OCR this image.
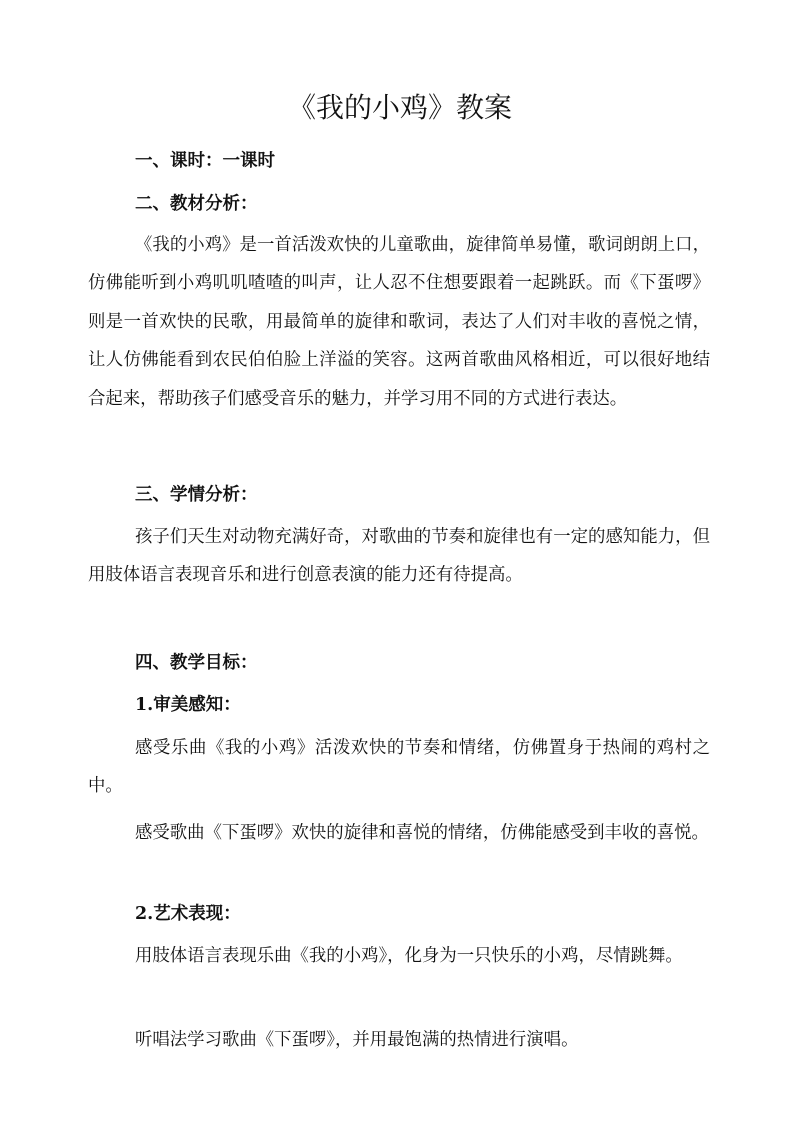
《我的小鸡》教案
一、课时：一课时
二、教材分析：

《我的小鸡》是一首活泼欢快的儿童歌曲，旋律简单易懂，歌词朗朗上口，仿佛能听到小鸡叽叽喳喳的叫声，让人忍不住想要跟着一起跳跃。而《下蛋啰》则是一首欢快的民歌，用最简单的旋律和歌词，表达了人们对丰收的喜悦之情，让人仿佛能看到农民伯伯脸上洋溢的笑容。这两首歌曲风格相近，可以很好地结合起来，帮助孩子们感受音乐的魅力，并学习用不同的方式进行表达。

三、学情分析：

孩子们天生对动物充满好奇，对歌曲的节奏和旋律也有一定的感知能力，但用肢体语言表现音乐和进行创意表演的能力还有待提高。

四、教学目标：
1.审美感知：

感受乐曲《我的小鸡》活泼欢快的节奏和情绪，仿佛置身于热闹的鸡村之中。

感受歌曲《下蛋啰》欢快的旋律和喜悦的情绪，仿佛能感受到丰收的喜悦。

2.艺术表现：

用肢体语言表现乐曲《我的小鸡》，化身为一只快乐的小鸡，尽情跳舞。

听唱法学习歌曲《下蛋啰》，并用最饱满的热情进行演唱。
